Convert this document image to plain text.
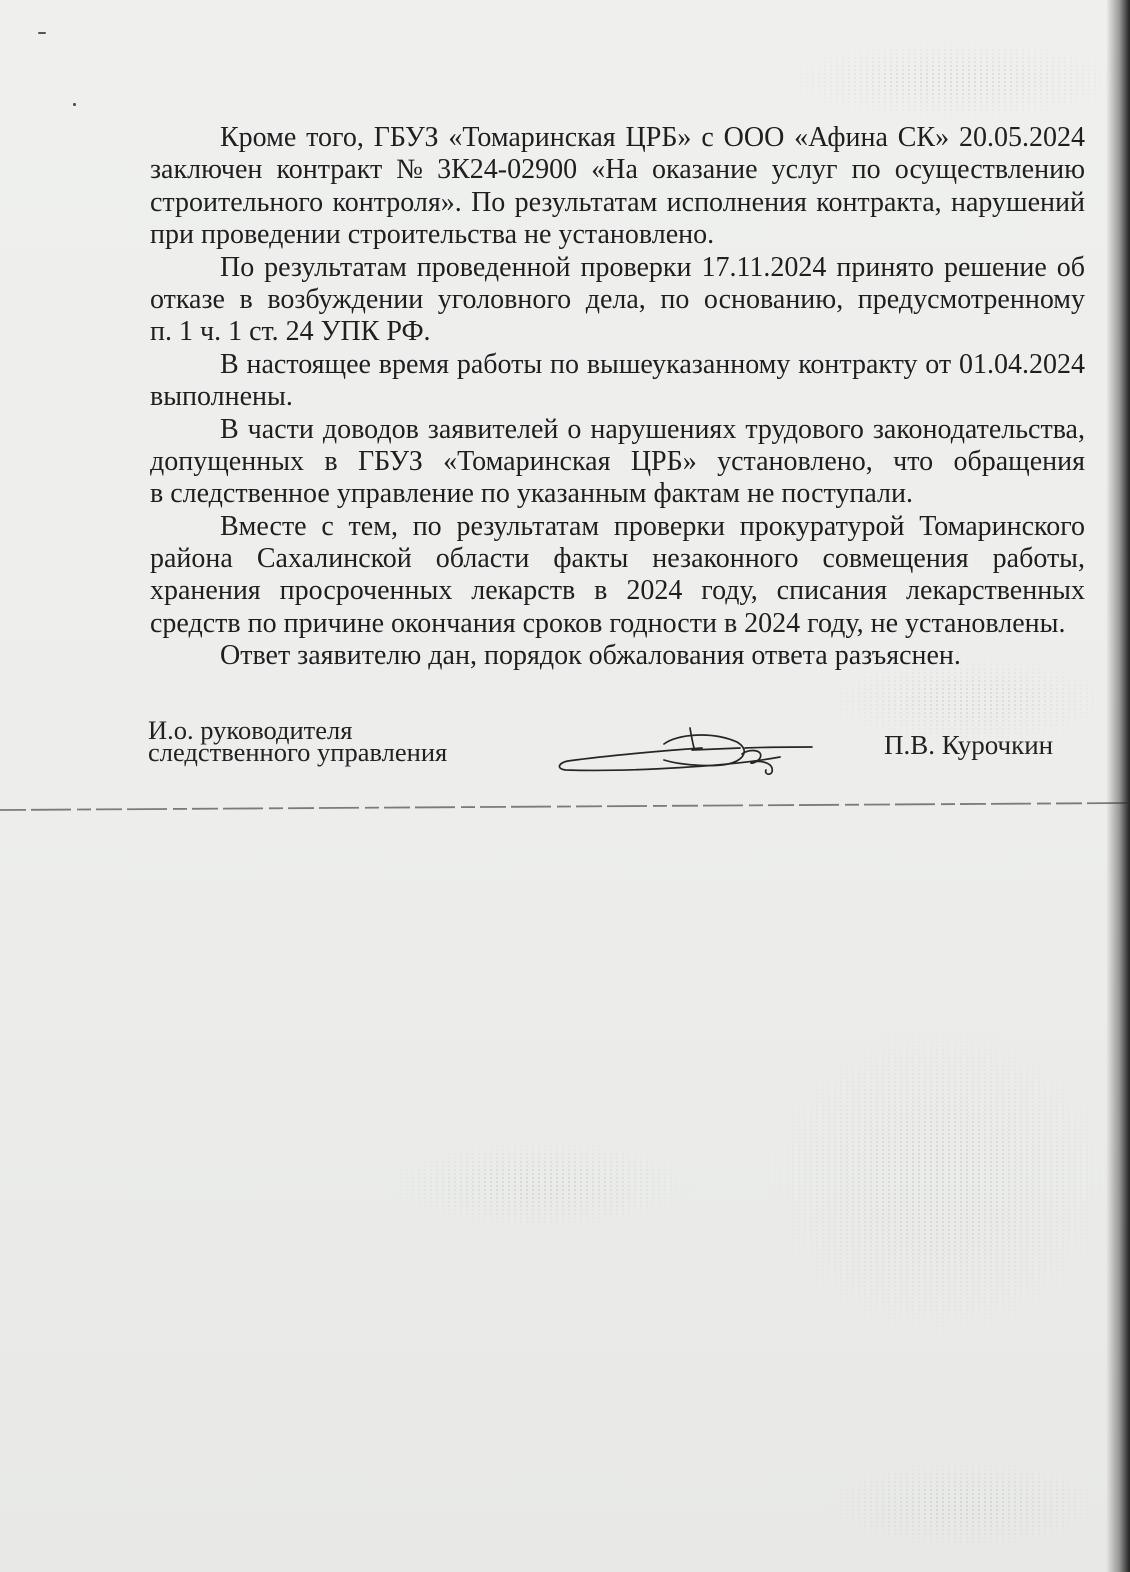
Кроме того, ГБУЗ «Томаринская ЦРБ» с ООО «Афина СК» 20.05.2024
заключен контракт № 3К24-02900 «На оказание услуг по осуществлению
строительного контроля». По результатам исполнения контракта, нарушений
при проведении строительства не установлено.
По результатам проведенной проверки 17.11.2024 принято решение об
отказе в возбуждении уголовного дела, по основанию, предусмотренному
п. 1 ч. 1 ст. 24 УПК РФ.
В настоящее время работы по вышеуказанному контракту от 01.04.2024
выполнены.
В части доводов заявителей о нарушениях трудового законодательства,
допущенных в ГБУЗ «Томаринская ЦРБ» установлено, что обращения
в следственное управление по указанным фактам не поступали.
Вместе с тем, по результатам проверки прокуратурой Томаринского
района Сахалинской области факты незаконного совмещения работы,
хранения просроченных лекарств в 2024 году, списания лекарственных
средств по причине окончания сроков годности в 2024 году, не установлены.
Ответ заявителю дан, порядок обжалования ответа разъяснен.
И.о. руководителя
следственного управления	П.В. Курочкин
